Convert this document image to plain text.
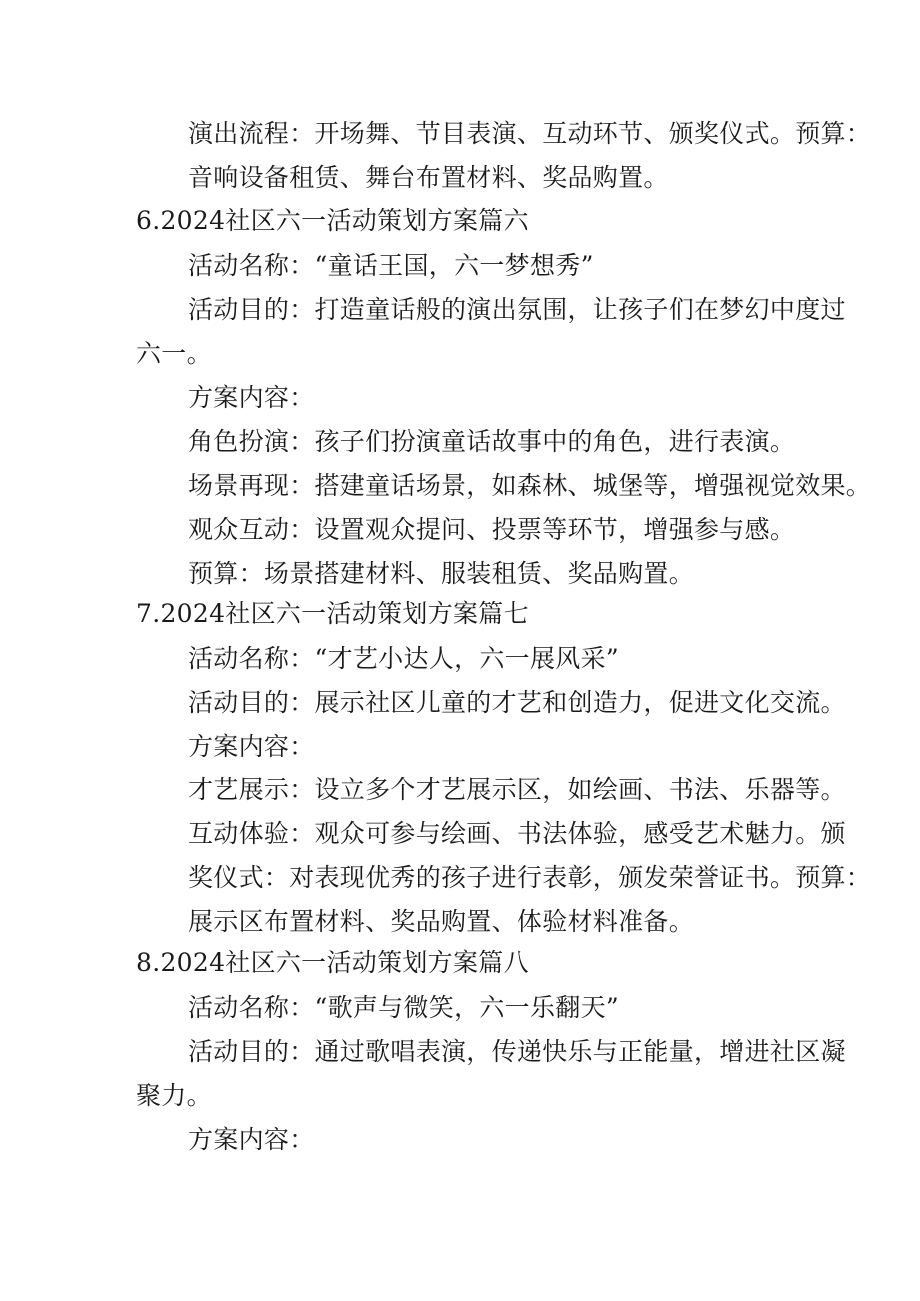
演出流程：开场舞、节目表演、互动环节、颁奖仪式。预算：
音响设备租赁、舞台布置材料、奖品购置。
6.2024社区六一活动策划方案篇六
活动名称：“童话王国，六一梦想秀”
活动目的：打造童话般的演出氛围，让孩子们在梦幻中度过
六一。
方案内容：
角色扮演：孩子们扮演童话故事中的角色，进行表演。
场景再现：搭建童话场景，如森林、城堡等，增强视觉效果。
观众互动：设置观众提问、投票等环节，增强参与感。
预算：场景搭建材料、服装租赁、奖品购置。
7.2024社区六一活动策划方案篇七
活动名称：“才艺小达人，六一展风采”
活动目的：展示社区儿童的才艺和创造力，促进文化交流。
方案内容：
才艺展示：设立多个才艺展示区，如绘画、书法、乐器等。
互动体验：观众可参与绘画、书法体验，感受艺术魅力。颁
奖仪式：对表现优秀的孩子进行表彰，颁发荣誉证书。预算：
展示区布置材料、奖品购置、体验材料准备。
8.2024社区六一活动策划方案篇八
活动名称：“歌声与微笑，六一乐翻天”
活动目的：通过歌唱表演，传递快乐与正能量，增进社区凝
聚力。
方案内容：
